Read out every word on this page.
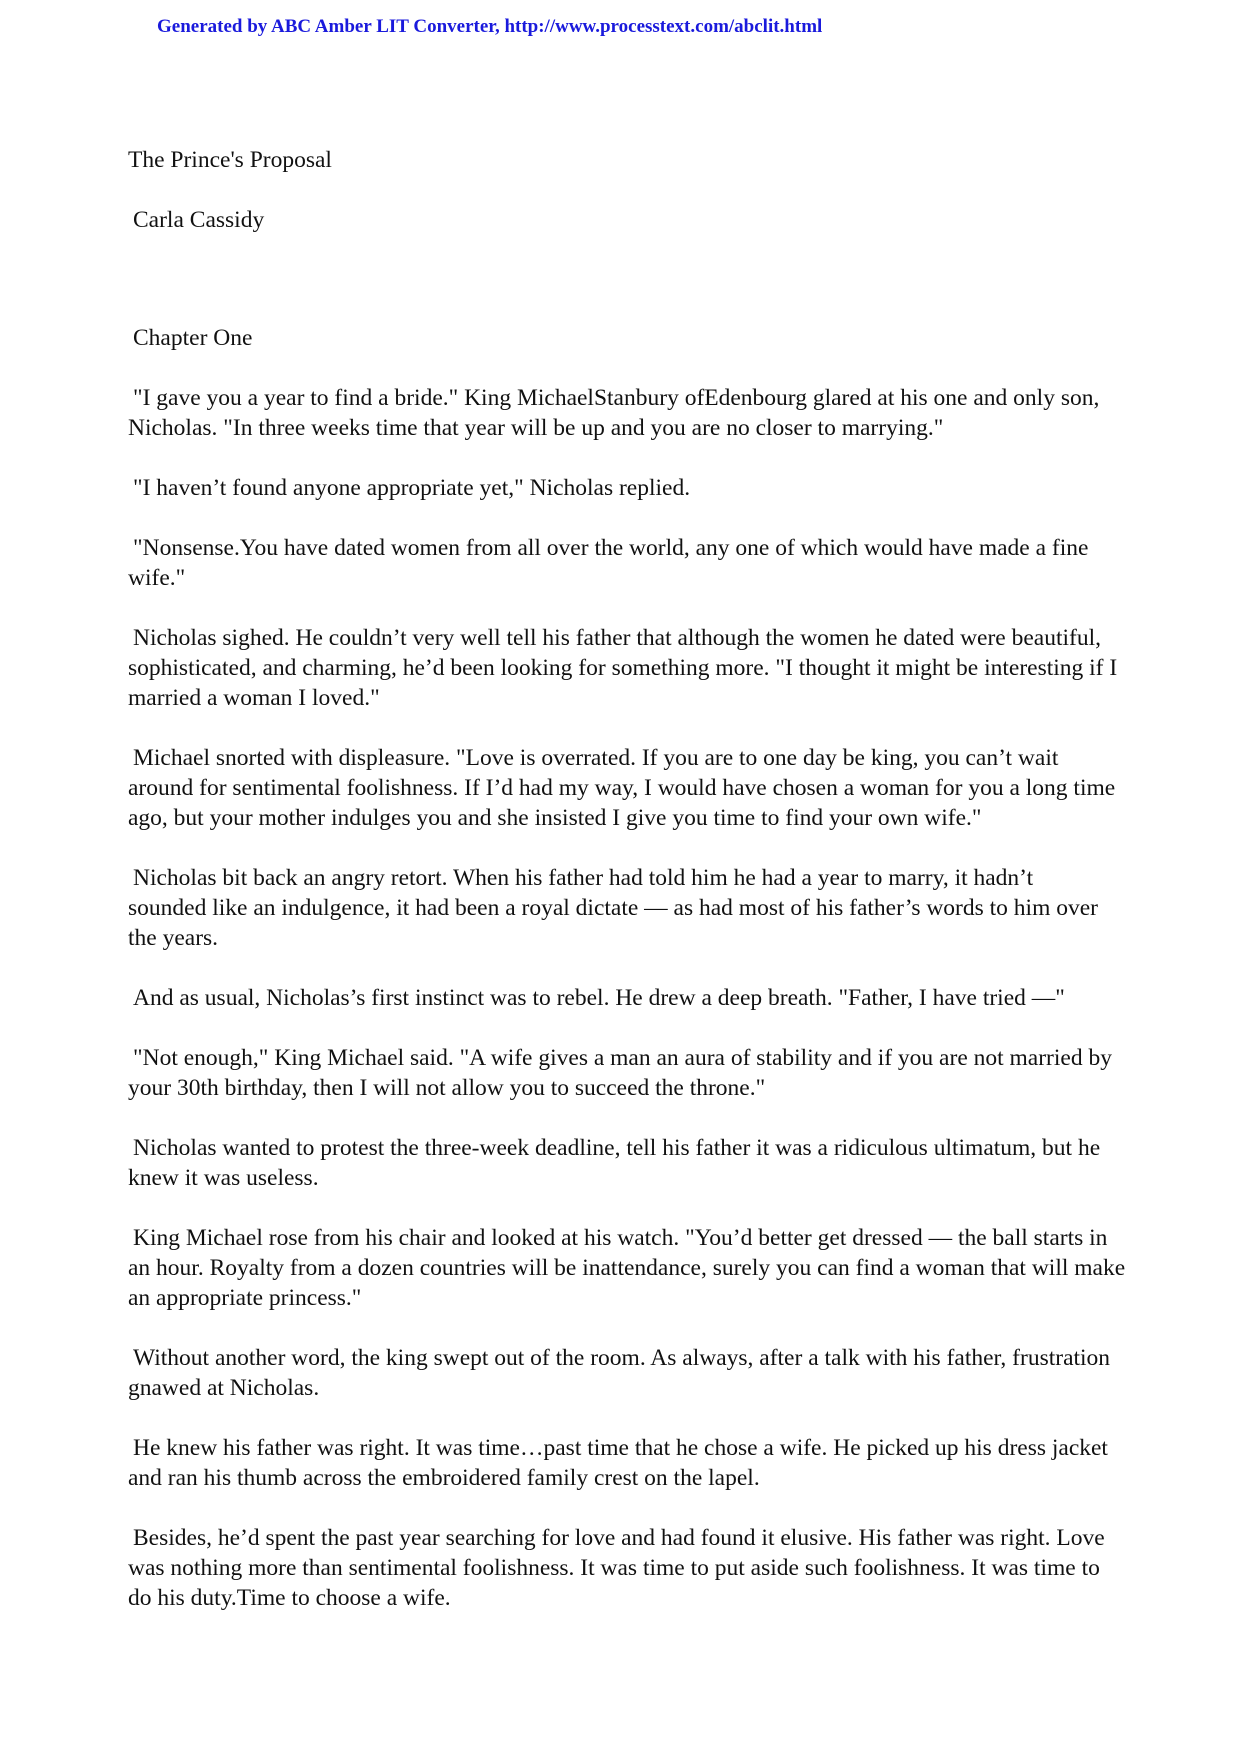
Generated by ABC Amber LIT Converter, http://www.processtext.com/abclit.html

The Prince's Proposal

Carla Cassidy

Chapter One

"I gave you a year to find a bride." King MichaelStanbury ofEdenbourg glared at his one and only son,

Nicholas. "In three weeks time that year will be up and you are no closer to marrying."

"I haven’t found anyone appropriate yet," Nicholas replied.

"Nonsense.You have dated women from all over the world, any one of which would have made a fine

wife."

Nicholas sighed. He couldn’t very well tell his father that although the women he dated were beautiful,

sophisticated, and charming, he’d been looking for something more. "I thought it might be interesting if I

married a woman I loved."

Michael snorted with displeasure. "Love is overrated. If you are to one day be king, you can’t wait

around for sentimental foolishness. If I’d had my way, I would have chosen a woman for you a long time

ago, but your mother indulges you and she insisted I give you time to find your own wife."

Nicholas bit back an angry retort. When his father had told him he had a year to marry, it hadn’t

sounded like an indulgence, it had been a royal dictate — as had most of his father’s words to him over

the years.

And as usual, Nicholas’s first instinct was to rebel. He drew a deep breath. "Father, I have tried —"

"Not enough," King Michael said. "A wife gives a man an aura of stability and if you are not married by

your 30th birthday, then I will not allow you to succeed the throne."

Nicholas wanted to protest the three-week deadline, tell his father it was a ridiculous ultimatum, but he

knew it was useless.

King Michael rose from his chair and looked at his watch. "You’d better get dressed — the ball starts in

an hour. Royalty from a dozen countries will be inattendance, surely you can find a woman that will make

an appropriate princess."

Without another word, the king swept out of the room. As always, after a talk with his father, frustration

gnawed at Nicholas.

He knew his father was right. It was time…past time that he chose a wife. He picked up his dress jacket

and ran his thumb across the embroidered family crest on the lapel.

Besides, he’d spent the past year searching for love and had found it elusive. His father was right. Love

was nothing more than sentimental foolishness. It was time to put aside such foolishness. It was time to

do his duty.Time to choose a wife.
